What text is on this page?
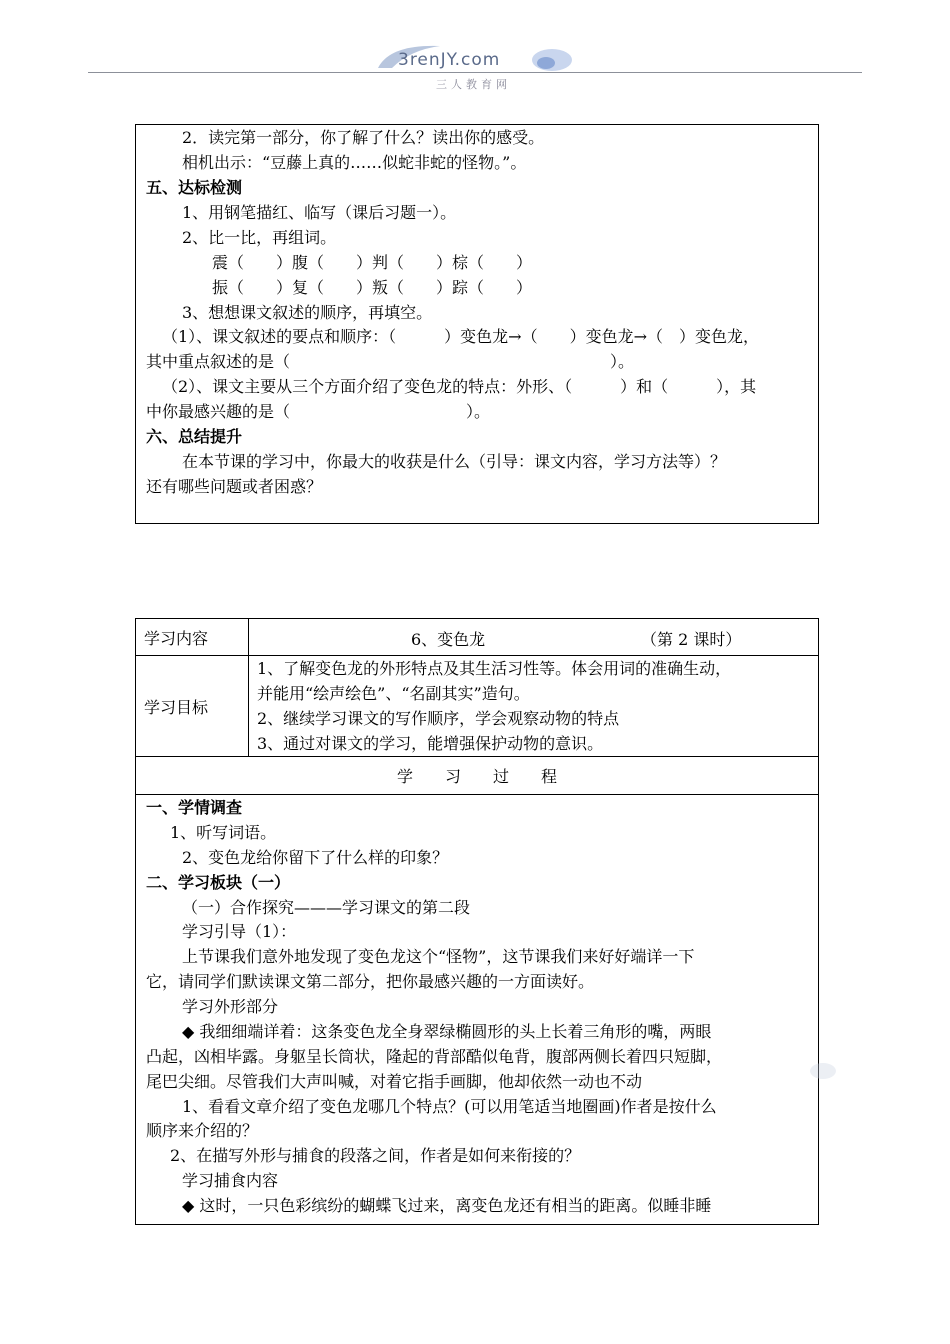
3renJY.com
三人教育网
2．读完第一部分，你了解了什么？读出你的感受。
相机出示：“豆藤上真的……似蛇非蛇的怪物。”。
五、达标检测
1、用钢笔描红、临写（课后习题一）。
2、比一比，再组词。
震（　　）腹（　　）判（　　）棕（　　）
振（　　）复（　　）叛（　　）踪（　　）
3、想想课文叙述的顺序，再填空。
（1）、课文叙述的要点和顺序：（　　　）变色龙→（　　）变色龙→（　）变色龙，
其中重点叙述的是（　　　　　　　　　　　　　　　　　　　　）。
（2）、课文主要从三个方面介绍了变色龙的特点：外形、（　　　）和（　　　），其
中你最感兴趣的是（　　　　　　　　　　　）。
六、总结提升
在本节课的学习中，你最大的收获是什么（引导：课文内容，学习方法等）？
还有哪些问题或者困惑？
学习内容	6、变色龙 （第 2 课时）

学习目标	1、了解变色龙的外形特点及其生活习性等。体会用词的准确生动，
并能用“绘声绘色”、“名副其实”造句。
2、继续学习课文的写作顺序，学会观察动物的特点
3、通过对课文的学习，能增强保护动物的意识。

学　　习　　过　　程	

一、学情调查
1、听写词语。
2、变色龙给你留下了什么样的印象？
二、学习板块（一）
（一）合作探究———学习课文的第二段
学习引导（1）：
上节课我们意外地发现了变色龙这个“怪物”，这节课我们来好好端详一下
它，请同学们默读课文第二部分，把你最感兴趣的一方面读好。
学习外形部分
◆ 我细细端详着：这条变色龙全身翠绿椭圆形的头上长着三角形的嘴，两眼
凸起，凶相毕露。身躯呈长筒状，隆起的背部酷似龟背，腹部两侧长着四只短脚，
尾巴尖细。尽管我们大声叫喊，对着它指手画脚，他却依然一动也不动
1、看看文章介绍了变色龙哪几个特点？(可以用笔适当地圈画)作者是按什么
顺序来介绍的？
2、在描写外形与捕食的段落之间，作者是如何来衔接的？
学习捕食内容
◆ 这时，一只色彩缤纷的蝴蝶飞过来，离变色龙还有相当的距离。似睡非睡
